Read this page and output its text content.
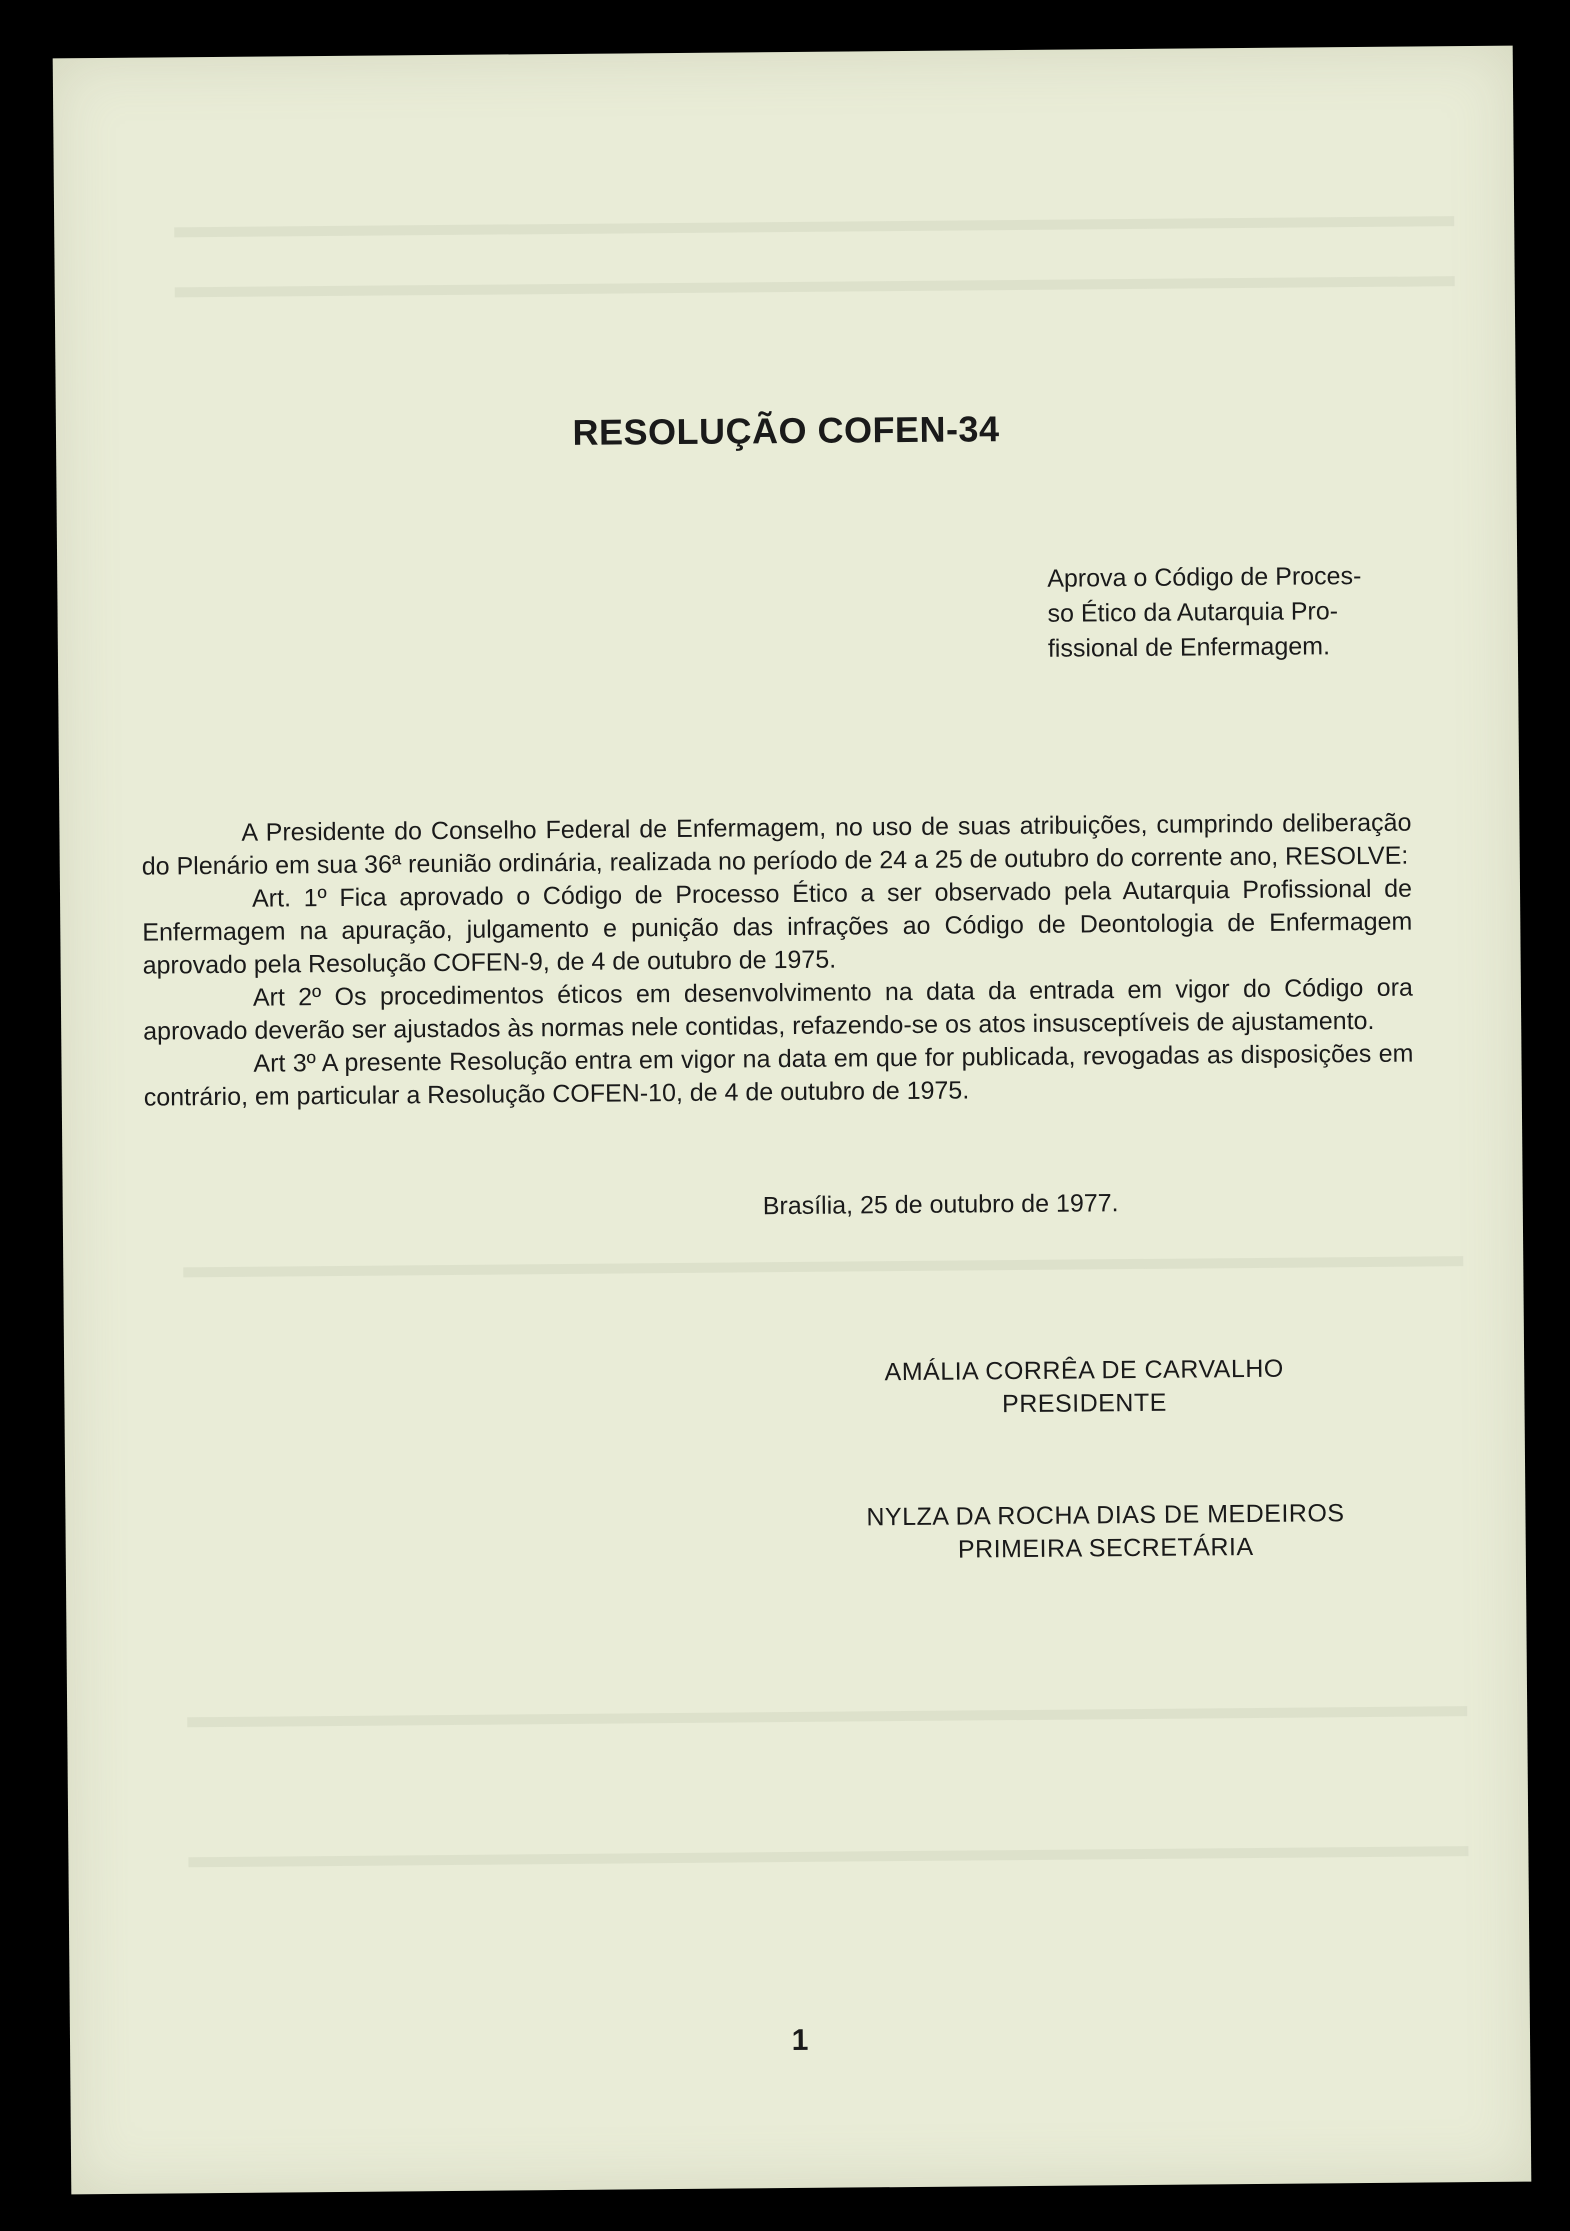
RESOLUÇÃO COFEN-34
Aprova o Código de Proces-
so Ético da Autarquia Pro-
fissional de Enfermagem.

A Presidente do Conselho Federal de Enfermagem, no uso de suas atribuições, cumprindo deliberação do Plenário em sua 36ª reunião ordinária, realizada no período de 24 a 25 de outubro do corrente ano, RESOLVE:

Art. 1º Fica aprovado o Código de Processo Ético a ser observado pela Autarquia Profissional de Enfermagem na apuração, julgamento e punição das infrações ao Código de Deontologia de Enfermagem aprovado pela Resolução COFEN-9, de 4 de outubro de 1975.

Art 2º Os procedimentos éticos em desenvolvimento na data da entrada em vigor do Código ora aprovado deverão ser ajustados às normas nele contidas, refazendo-se os atos insusceptíveis de ajustamento.

Art 3º A presente Resolução entra em vigor na data em que for publicada, revogadas as disposições em contrário, em particular a Resolução COFEN-10, de 4 de outubro de 1975.

Brasília, 25 de outubro de 1977.
AMÁLIA CORRÊA DE CARVALHO
PRESIDENTE
NYLZA DA ROCHA DIAS DE MEDEIROS
PRIMEIRA SECRETÁRIA
1
